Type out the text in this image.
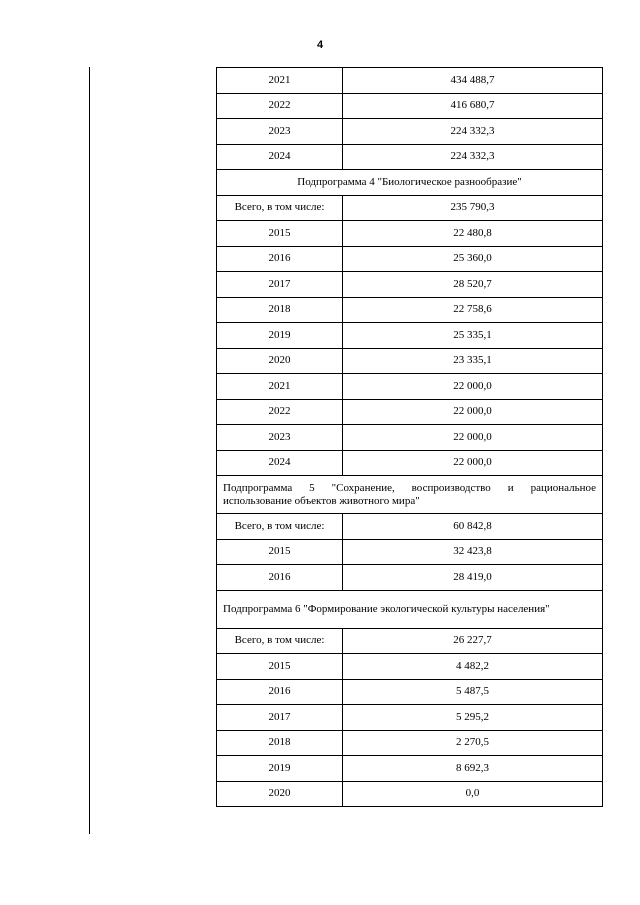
4
2021	434 488,7
2022	416 680,7
2023	224 332,3
2024	224 332,3
Подпрограмма 4 "Биологическое разнообразие"	
Всего, в том числе:	235 790,3
2015	22 480,8
2016	25 360,0
2017	28 520,7
2018	22 758,6
2019	25 335,1
2020	23 335,1
2021	22 000,0
2022	22 000,0
2023	22 000,0
2024	22 000,0
Подпрограмма 5 "Сохранение, воспроизводство и рациональное использование объектов животного мира"	
Всего, в том числе:	60 842,8
2015	32 423,8
2016	28 419,0
Подпрограмма 6 "Формирование экологической культуры населения"	
Всего, в том числе:	26 227,7
2015	4 482,2
2016	5 487,5
2017	5 295,2
2018	2 270,5
2019	8 692,3
2020	0,0
